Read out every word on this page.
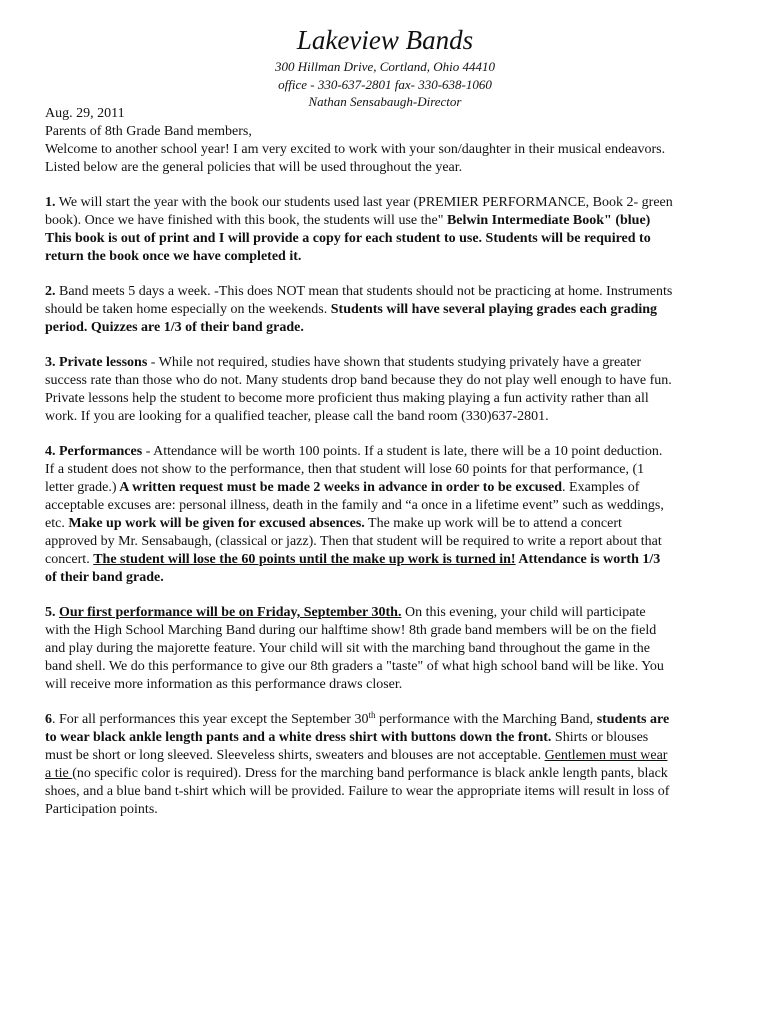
Lakeview Bands
300 Hillman Drive, Cortland, Ohio 44410
office - 330-637-2801 fax- 330-638-1060
Nathan Sensabaugh-Director
Aug. 29, 2011
Parents of 8th Grade Band members,
Welcome to another school year! I am very excited to work with your son/daughter in their musical endeavors.
Listed below are the general policies that will be used throughout the year.
1. We will start the year with the book our students used last year (PREMIER PERFORMANCE, Book 2- green
book). Once we have finished with this book, the students will use the" Belwin Intermediate Book" (blue)
This book is out of print and I will provide a copy for each student to use. Students will be required to
return the book once we have completed it.
2. Band meets 5 days a week. -This does NOT mean that students should not be practicing at home. Instruments
should be taken home especially on the weekends. Students will have several playing grades each grading
period. Quizzes are 1/3 of their band grade.
3. Private lessons - While not required, studies have shown that students studying privately have a greater
success rate than those who do not. Many students drop band because they do not play well enough to have fun.
Private lessons help the student to become more proficient thus making playing a fun activity rather than all
work. If you are looking for a qualified teacher, please call the band room (330)637-2801.
4. Performances - Attendance will be worth 100 points. If a student is late, there will be a 10 point deduction.
If a student does not show to the performance, then that student will lose 60 points for that performance, (1
letter grade.) A written request must be made 2 weeks in advance in order to be excused. Examples of
acceptable excuses are: personal illness, death in the family and “a once in a lifetime event” such as weddings,
etc. Make up work will be given for excused absences. The make up work will be to attend a concert
approved by Mr. Sensabaugh, (classical or jazz). Then that student will be required to write a report about that
concert. The student will lose the 60 points until the make up work is turned in! Attendance is worth 1/3
of their band grade.
5. Our first performance will be on Friday, September 30th. On this evening, your child will participate
with the High School Marching Band during our halftime show! 8th grade band members will be on the field
and play during the majorette feature. Your child will sit with the marching band throughout the game in the
band shell. We do this performance to give our 8th graders a "taste" of what high school band will be like. You
will receive more information as this performance draws closer.
6. For all performances this year except the September 30th performance with the Marching Band, students are
to wear black ankle length pants and a white dress shirt with buttons down the front. Shirts or blouses
must be short or long sleeved. Sleeveless shirts, sweaters and blouses are not acceptable. Gentlemen must wear
a tie (no specific color is required). Dress for the marching band performance is black ankle length pants, black
shoes, and a blue band t-shirt which will be provided. Failure to wear the appropriate items will result in loss of
Participation points.
